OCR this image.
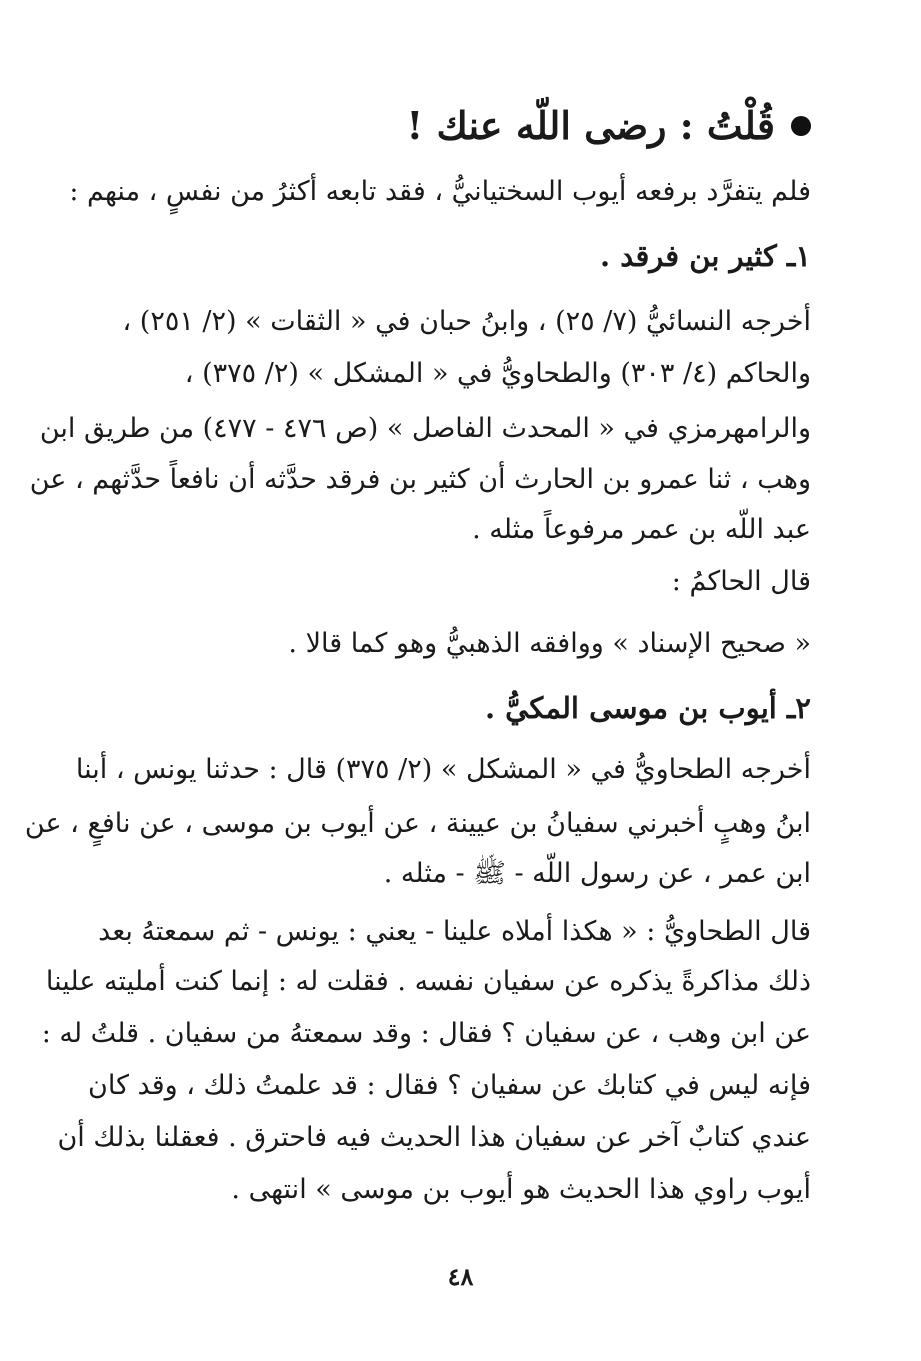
قُلْتُ : رضى اللّه عنك !
فلم يتفرَّد برفعه أيوب السختيانيُّ ، فقد تابعه أكثرُ من نفسٍ ، منهم :
١ـ كثير بن فرقد .
أخرجه النسائيُّ (٧/ ٢٥) ، وابنُ حبان في « الثقات » (٢/ ٢٥١) ،
والحاكم (٤/ ٣٠٣) والطحاويُّ في « المشكل » (٢/ ٣٧٥) ،
والرامهرمزي في « المحدث الفاصل » (ص ٤٧٦ - ٤٧٧) من طريق ابن
وهب ، ثنا عمرو بن الحارث أن كثير بن فرقد حدَّثه أن نافعاً حدَّثهم ، عن
عبد اللّه بن عمر مرفوعاً مثله .
قال الحاكمُ :
« صحيح الإسناد » ووافقه الذهبيُّ وهو كما قالا .
٢ـ أيوب بن موسى المكيُّ .
أخرجه الطحاويُّ في « المشكل » (٢/ ٣٧٥) قال : حدثنا يونس ، أبنا
ابنُ وهبٍ أخبرني سفيانُ بن عيينة ، عن أيوب بن موسى ، عن نافعٍ ، عن
ابن عمر ، عن رسول اللّه - ﷺ - مثله .
قال الطحاويُّ : « هكذا أملاه علينا - يعني : يونس - ثم سمعتهُ بعد
ذلك مذاكرةً يذكره عن سفيان نفسه . فقلت له : إنما كنت أمليته علينا
عن ابن وهب ، عن سفيان ؟ فقال : وقد سمعتهُ من سفيان . قلتُ له :
فإنه ليس في كتابك عن سفيان ؟ فقال : قد علمتُ ذلك ، وقد كان
عندي كتابٌ آخر عن سفيان هذا الحديث فيه فاحترق . فعقلنا بذلك أن
أيوب راوي هذا الحديث هو أيوب بن موسى » انتهى .
٤٨
